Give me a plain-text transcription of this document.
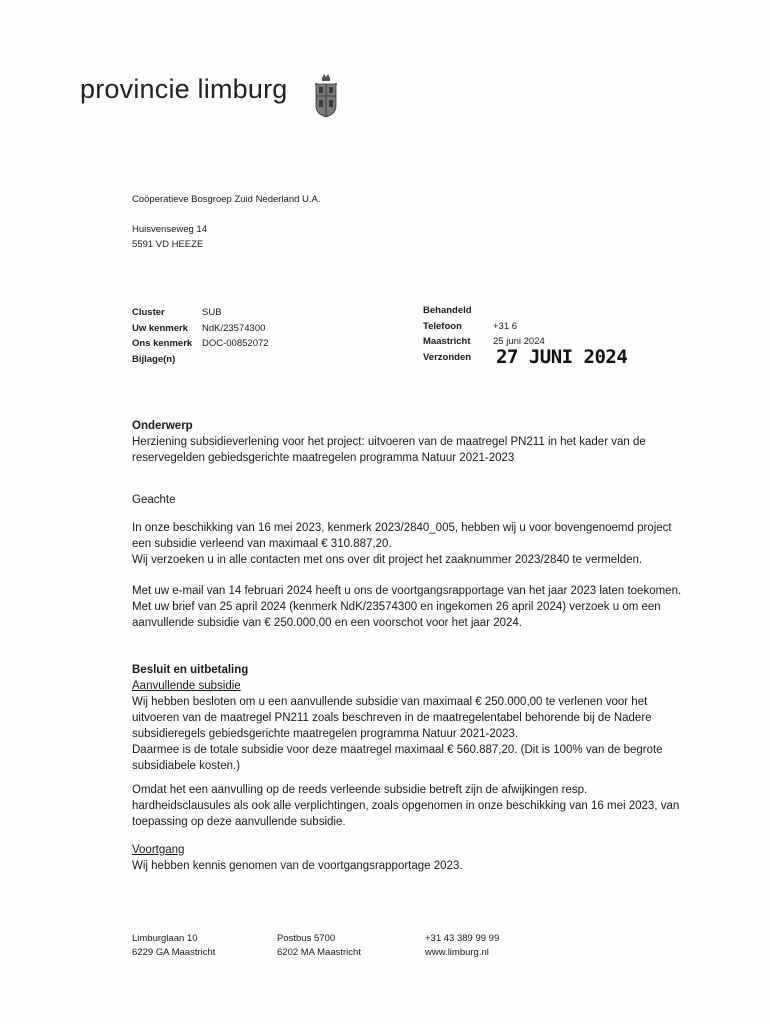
provincie limburg
Coöperatieve Bosgroep Zuid Nederland U.A.
Huisvenseweg 14
5591 VD HEEZE
Cluster	SUB
Uw kenmerk	NdK/23574300
Ons kenmerk	DOC-00852072
Bijlage(n)
Behandeld
Telefoon	+31 6
Maastricht	25 juni 2024
Verzonden	27 JUNI 2024

Onderwerp

Herziening subsidieverlening voor het project: uitvoeren van de maatregel PN211 in het kader van de reservegelden gebiedsgerichte maatregelen programma Natuur 2021-2023

Geachte

In onze beschikking van 16 mei 2023, kenmerk 2023/2840_005, hebben wij u voor bovengenoemd project een subsidie verleend van maximaal € 310.887,20.

Wij verzoeken u in alle contacten met ons over dit project het zaaknummer 2023/2840 te vermelden.

Met uw e-mail van 14 februari 2024 heeft u ons de voortgangsrapportage van het jaar 2023 laten toekomen.

Met uw brief van 25 april 2024 (kenmerk NdK/23574300 en ingekomen 26 april 2024) verzoek u om een aanvullende subsidie van € 250.000,00 en een voorschot voor het jaar 2024.

Besluit en uitbetaling

Aanvullende subsidie

Wij hebben besloten om u een aanvullende subsidie van maximaal € 250.000,00 te verlenen voor het uitvoeren van de maatregel PN211 zoals beschreven in de maatregelentabel behorende bij de Nadere subsidieregels gebiedsgerichte maatregelen programma Natuur 2021-2023.

Daarmee is de totale subsidie voor deze maatregel maximaal € 560.887,20. (Dit is 100% van de begrote subsidiabele kosten.)

Omdat het een aanvulling op de reeds verleende subsidie betreft zijn de afwijkingen resp. hardheidsclausules als ook alle verplichtingen, zoals opgenomen in onze beschikking van 16 mei 2023, van toepassing op deze aanvullende subsidie.

Voortgang

Wij hebben kennis genomen van de voortgangsrapportage 2023.

Limburglaan 10
6229 GA Maastricht
Postbus 5700
6202 MA Maastricht
+31 43 389 99 99
www.limburg.nl
